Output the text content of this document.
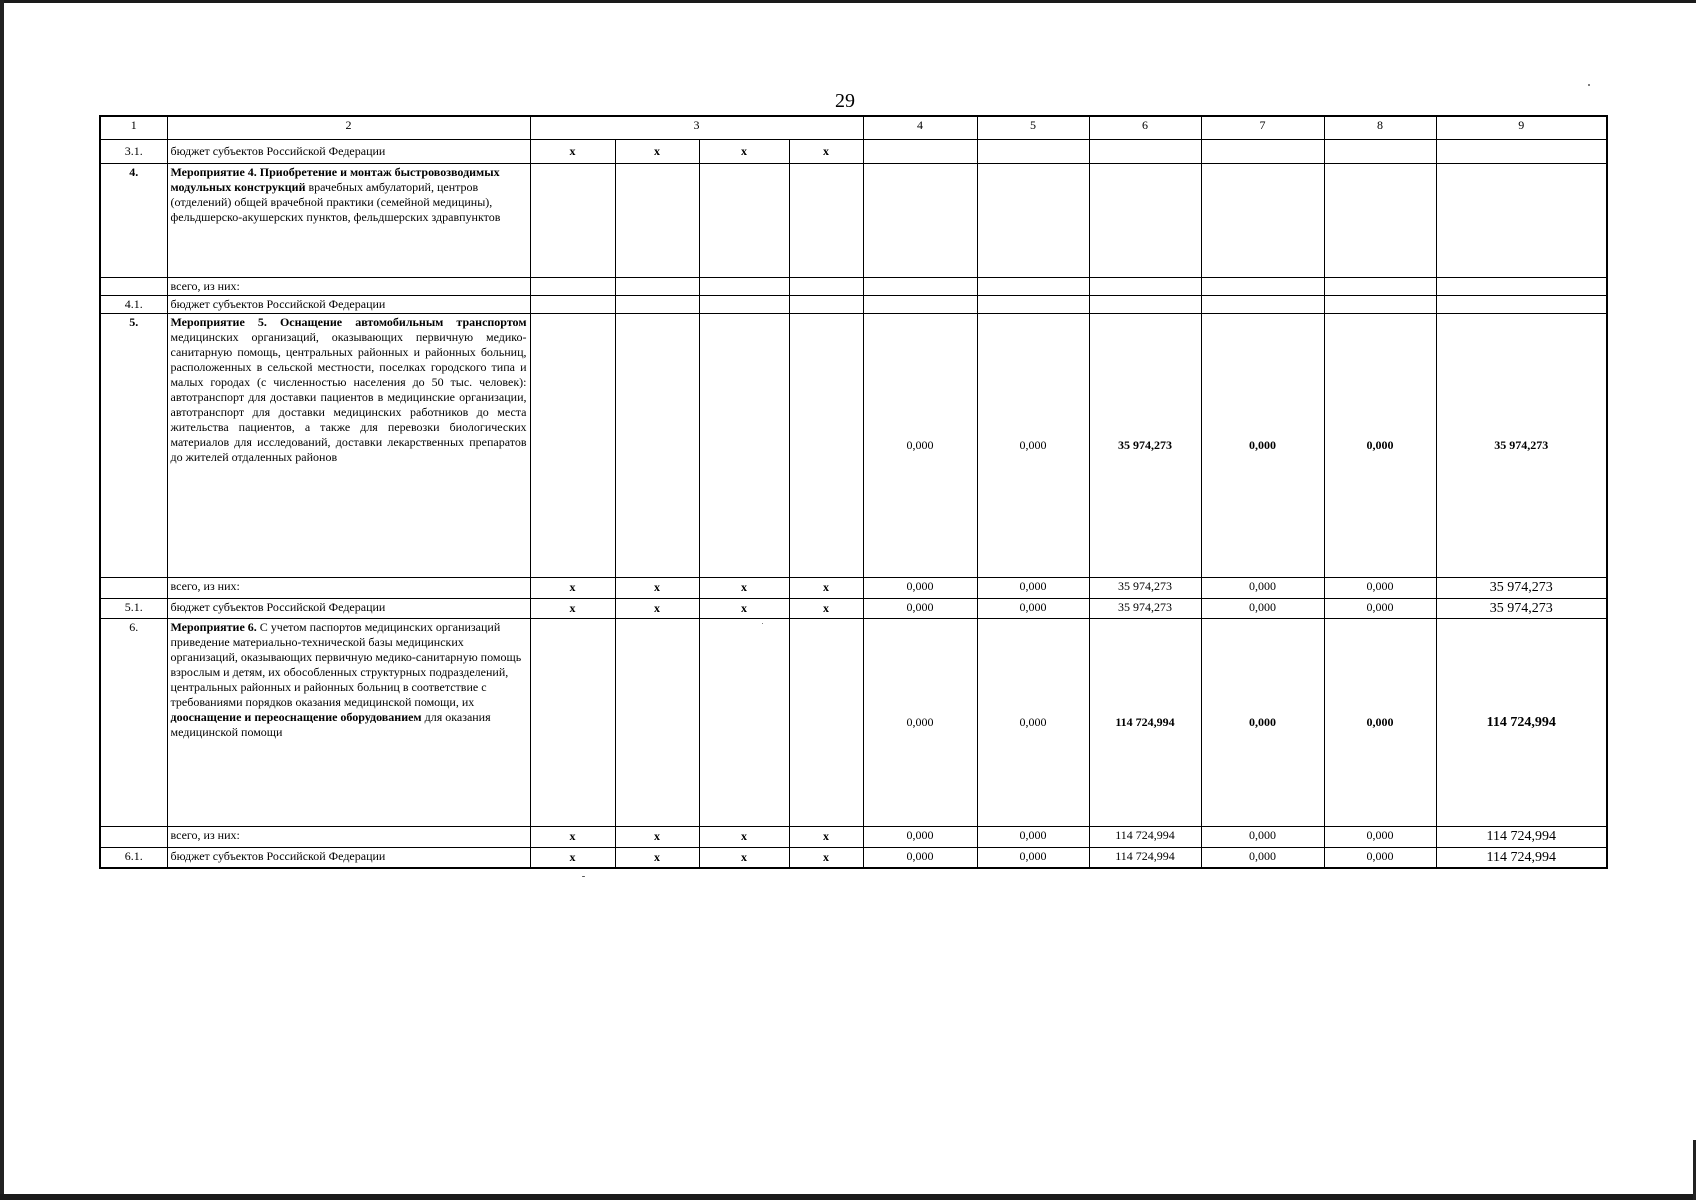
29
1	2	3				4	5	6	7	8	9
3.1.	бюджет субъектов Российской Федерации	x	x	x	x						
4.	Мероприятие 4. Приобретение и монтаж быстровозводимых модульных конструкций врачебных амбулаторий, центров (отделений) общей врачебной практики (семейной медицины), фельдшерско-акушерских пунктов, фельдшерских здравпунктов										
	всего, из них:										
4.1.	бюджет субъектов Российской Федерации										
5.	Мероприятие 5. Оснащение автомобильным транспортом медицинских организаций, оказывающих первичную медико-санитарную помощь, центральных районных и районных больниц, расположенных в сельской местности, поселках городского типа и малых городах (с численностью населения до 50 тыс. человек): автотранспорт для доставки пациентов в медицинские организации, автотранспорт для доставки медицинских работников до места жительства пациентов, а также для перевозки биологических материалов для исследований, доставки лекарственных препаратов до жителей отдаленных районов					0,000	0,000	35 974,273	0,000	0,000	35 974,273
	всего, из них:	x	x	x	x	0,000	0,000	35 974,273	0,000	0,000	35 974,273
5.1.	бюджет субъектов Российской Федерации	x	x	x	x	0,000	0,000	35 974,273	0,000	0,000	35 974,273
6.	Мероприятие 6. С учетом паспортов медицинских организаций приведение материально-технической базы медицинских организаций, оказывающих первичную медико-санитарную помощь взрослым и детям, их обособленных структурных подразделений, центральных районных и районных больниц в соответствие с требованиями порядков оказания медицинской помощи, их дооснащение и переоснащение оборудованием для оказания медицинской помощи					0,000	0,000	114 724,994	0,000	0,000	114 724,994
	всего, из них:	x	x	x	x	0,000	0,000	114 724,994	0,000	0,000	114 724,994
6.1.	бюджет субъектов Российской Федерации	x	x	x	x	0,000	0,000	114 724,994	0,000	0,000	114 724,994
